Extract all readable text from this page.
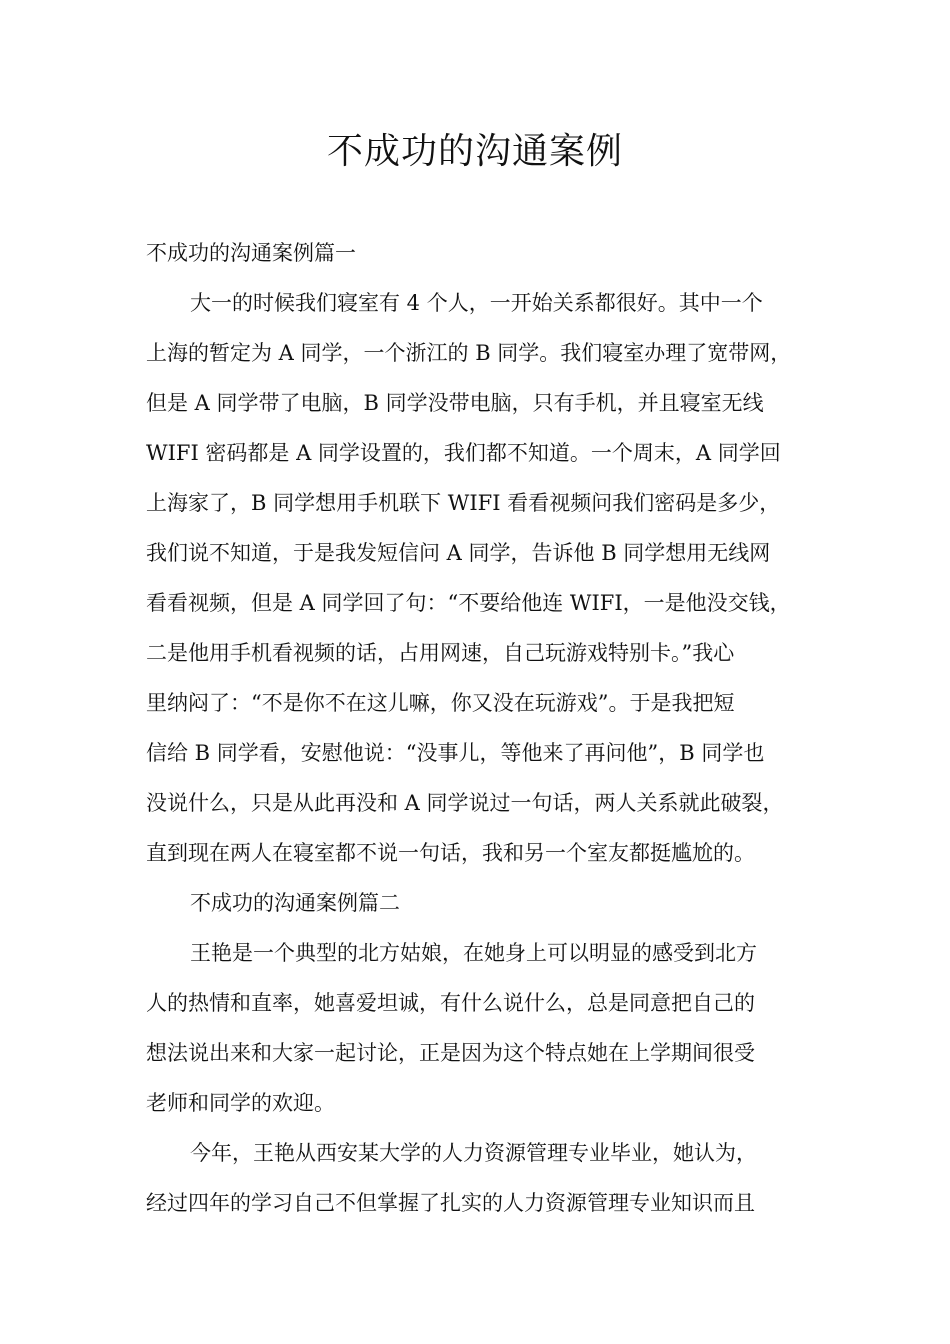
不成功的沟通案例
不成功的沟通案例篇一
大一的时候我们寝室有 4 个人，一开始关系都很好。其中一个
上海的暂定为 A 同学，一个浙江的 B 同学。我们寝室办理了宽带网，
但是 A 同学带了电脑，B 同学没带电脑，只有手机，并且寝室无线
WIFI 密码都是 A 同学设置的，我们都不知道。一个周末，A 同学回
上海家了，B 同学想用手机联下 WIFI 看看视频问我们密码是多少，
我们说不知道，于是我发短信问 A 同学，告诉他 B 同学想用无线网
看看视频，但是 A 同学回了句：“不要给他连 WIFI，一是他没交钱，
二是他用手机看视频的话，占用网速，自己玩游戏特别卡。”我心
里纳闷了：“不是你不在这儿嘛，你又没在玩游戏”。于是我把短
信给 B 同学看，安慰他说：“没事儿，等他来了再问他”，B 同学也
没说什么，只是从此再没和 A 同学说过一句话，两人关系就此破裂，
直到现在两人在寝室都不说一句话，我和另一个室友都挺尴尬的。
不成功的沟通案例篇二
王艳是一个典型的北方姑娘，在她身上可以明显的感受到北方
人的热情和直率，她喜爱坦诚，有什么说什么，总是同意把自己的
想法说出来和大家一起讨论，正是因为这个特点她在上学期间很受
老师和同学的欢迎。
今年，王艳从西安某大学的人力资源管理专业毕业，她认为，
经过四年的学习自己不但掌握了扎实的人力资源管理专业知识而且
